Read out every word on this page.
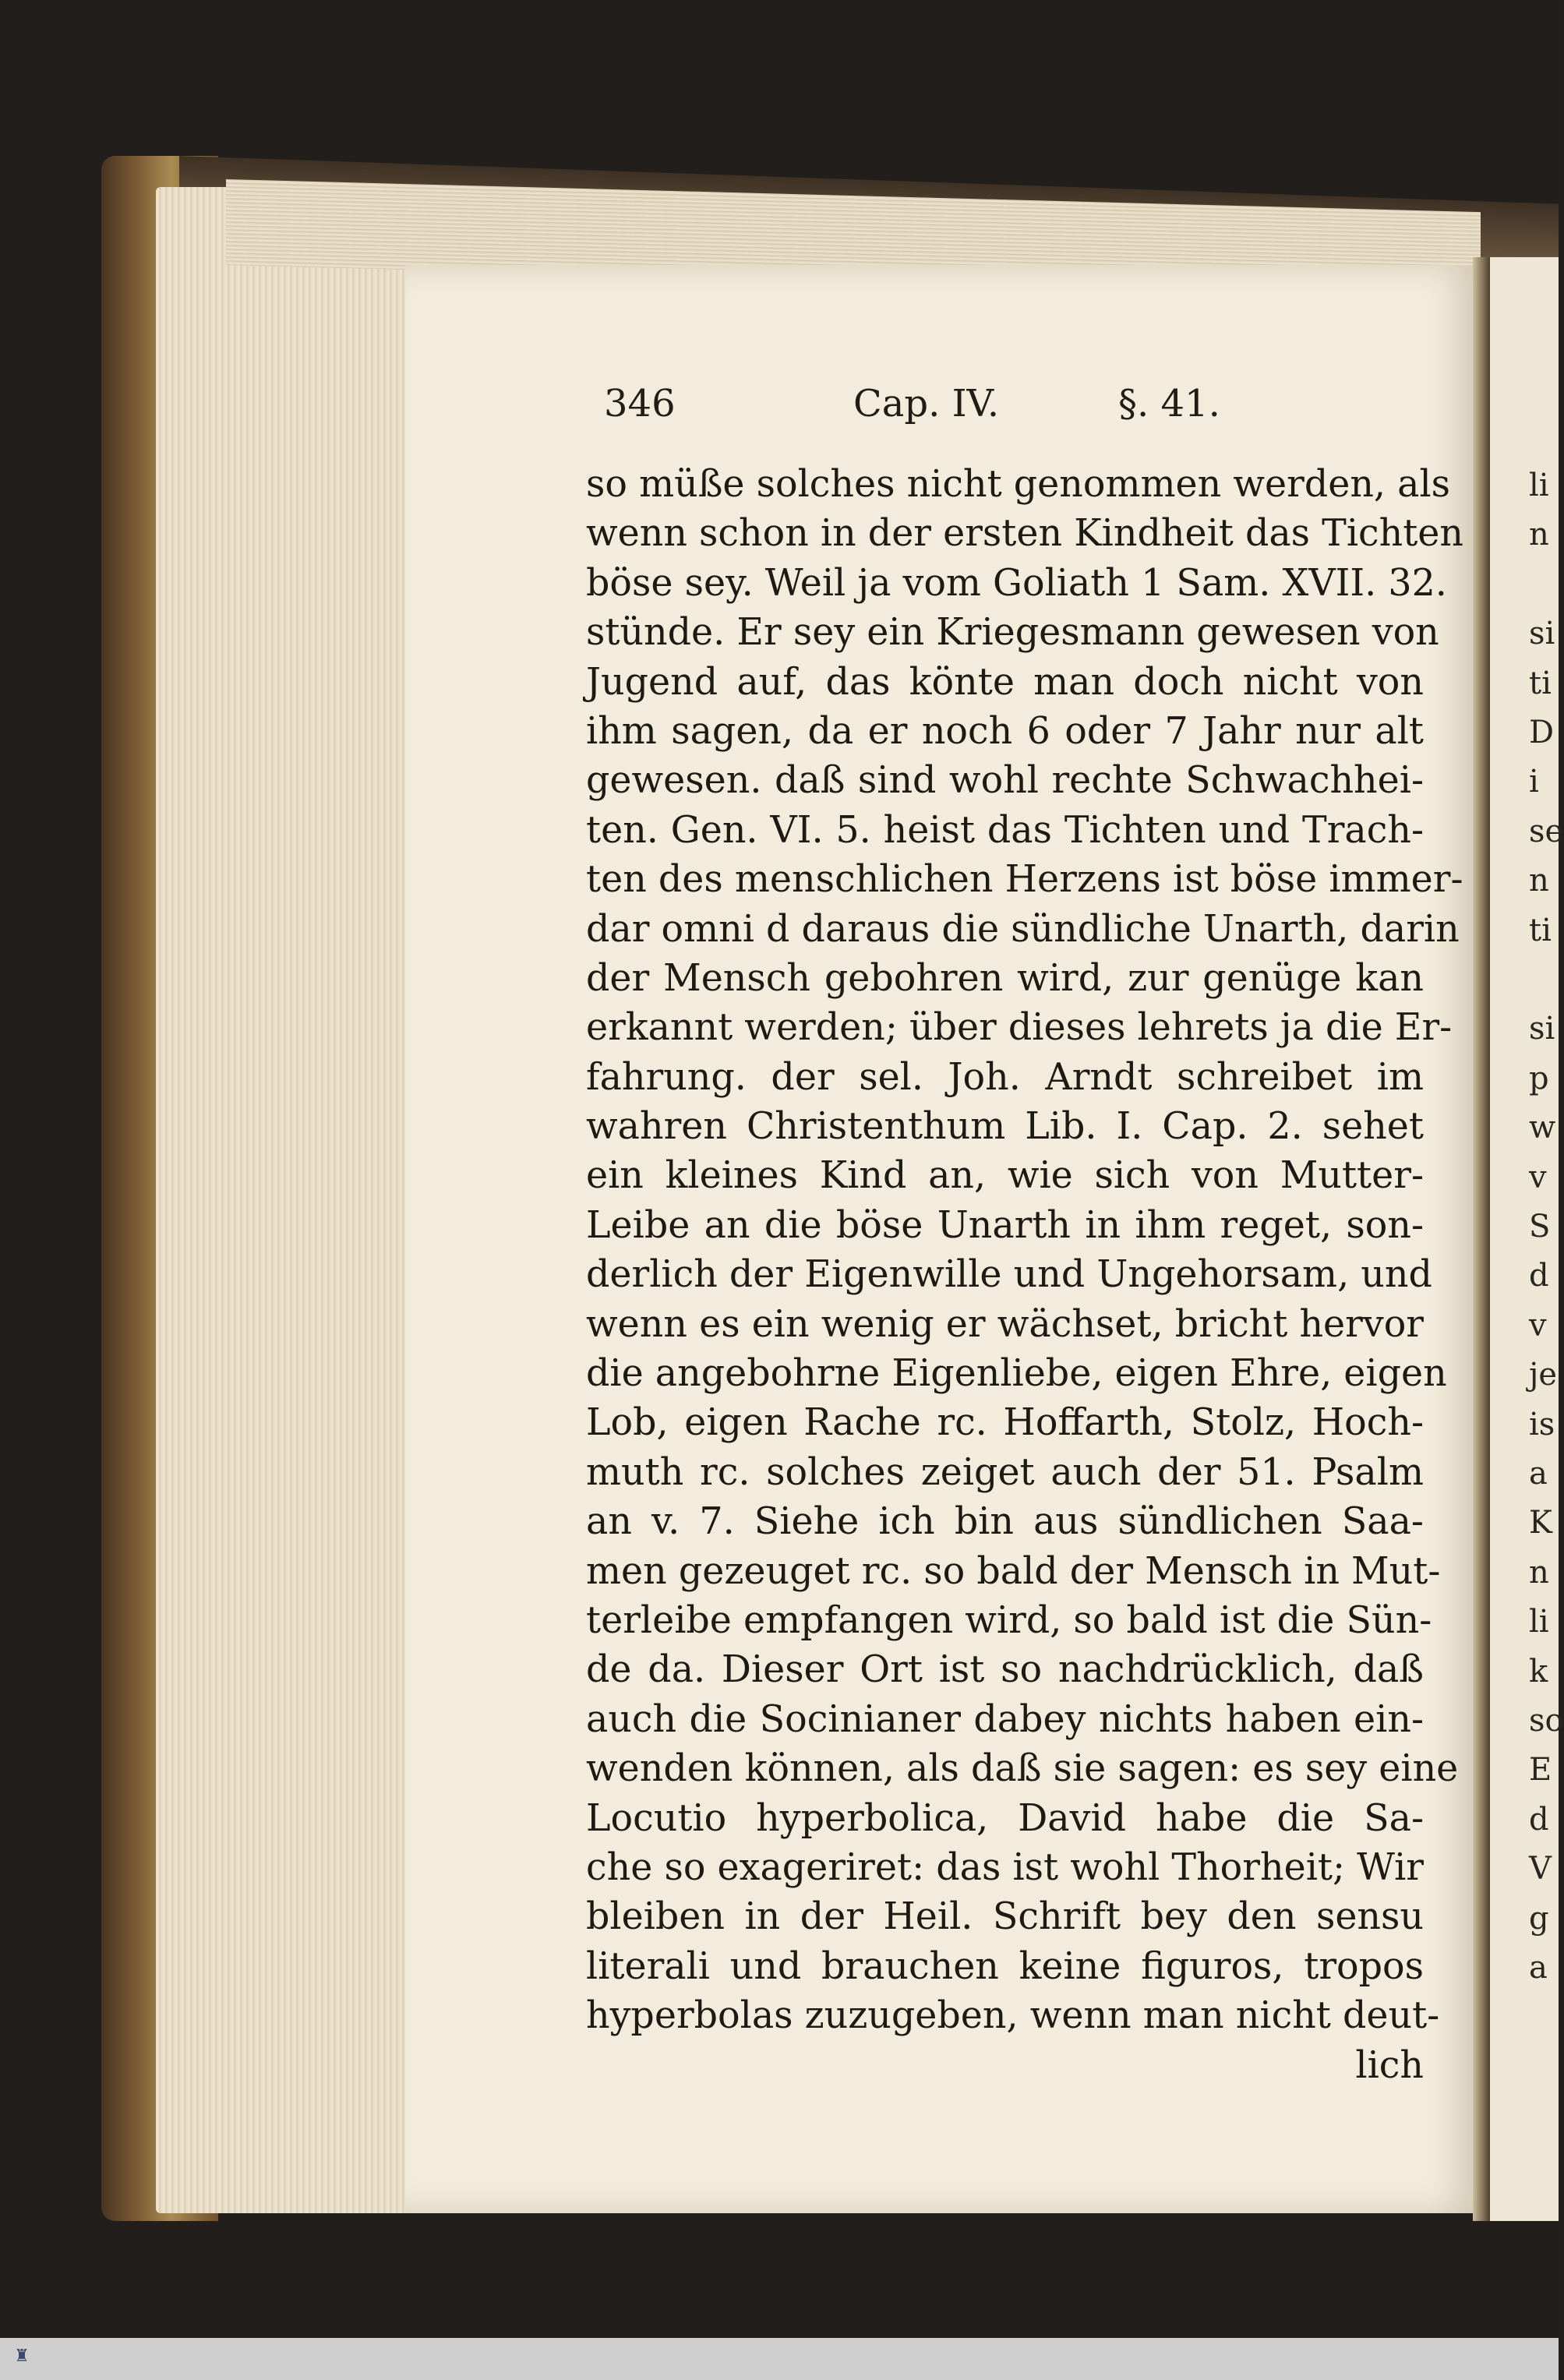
346	Cap. IV.	§. 41.
so müße solches nicht genommen werden, als
wenn schon in der ersten Kindheit das Tichten
böse sey. Weil ja vom Goliath 1 Sam. XVII. 32.
stünde. Er sey ein Kriegesmann gewesen von
Jugend auf, das könte man doch nicht von
ihm sagen, da er noch 6 oder 7 Jahr nur alt
gewesen. daß sind wohl rechte Schwachhei-
ten. Gen. VI. 5. heist das Tichten und Trach-
ten des menschlichen Herzens ist böse immer-
dar omni d daraus die sündliche Unarth, darin
der Mensch gebohren wird, zur genüge kan
erkannt werden; über dieses lehrets ja die Er-
fahrung. der sel. Joh. Arndt schreibet im
wahren Christenthum Lib. I. Cap. 2. sehet
ein kleines Kind an, wie sich von Mutter-
Leibe an die böse Unarth in ihm reget, son-
derlich der Eigenwille und Ungehorsam, und
wenn es ein wenig er wächset, bricht hervor
die angebohrne Eigenliebe, eigen Ehre, eigen
Lob, eigen Rache rc. Hoffarth, Stolz, Hoch-
muth rc. solches zeiget auch der 51. Psalm
an v. 7. Siehe ich bin aus sündlichen Saa-
men gezeuget rc. so bald der Mensch in Mut-
terleibe empfangen wird, so bald ist die Sün-
de da. Dieser Ort ist so nachdrücklich, daß
auch die Socinianer dabey nichts haben ein-
wenden können, als daß sie sagen: es sey eine
Locutio hyperbolica, David habe die Sa-
che so exageriret: das ist wohl Thorheit; Wir
bleiben in der Heil. Schrift bey den sensu
literali und brauchen keine figuros, tropos
hyperbolas zuzugeben, wenn man nicht deut-
lich
li
n
si
ti
D
i
se
n
ti
si
p
w
v
S
d
v
je
is
a
K
n
li
k
so
E
d
V
g
a
♜
